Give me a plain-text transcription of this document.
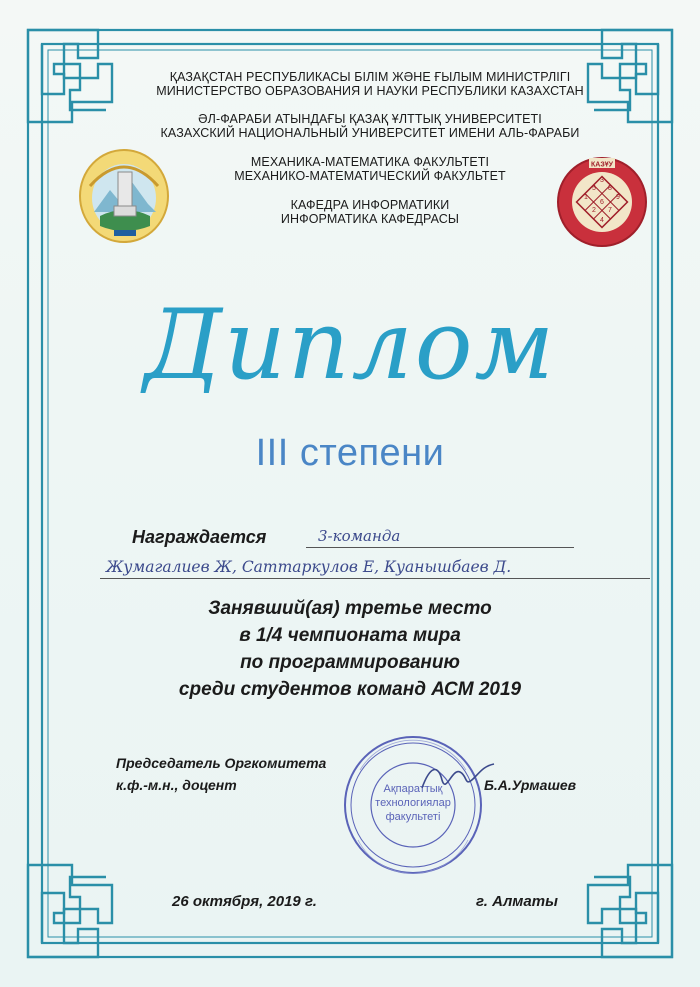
ҚАЗАҚСТАН РЕСПУБЛИКАСЫ БІЛІМ ЖӘНЕ ҒЫЛЫМ МИНИСТРЛІГІ
МИНИСТЕРСТВО ОБРАЗОВАНИЯ И НАУКИ РЕСПУБЛИКИ КАЗАХСТАН
ӘЛ-ФАРАБИ АТЫНДАҒЫ ҚАЗАҚ ҰЛТТЫҚ УНИВЕРСИТЕТІ
КАЗАХСКИЙ НАЦИОНАЛЬНЫЙ УНИВЕРСИТЕТ ИМЕНИ АЛЬ-ФАРАБИ
МЕХАНИКА-МАТЕМАТИКА ФАКУЛЬТЕТІ
МЕХАНИКО-МАТЕМАТИЧЕСКИЙ ФАКУЛЬТЕТ
КАФЕДРА ИНФОРМАТИКИ
ИНФОРМАТИКА КАФЕДРАСЫ
КАЗҰУ
3
5 8
1
6
9
2 7
4
Диплом
III степени
Награждается	3-команда
Жумагалиев Ж, Саттаркулов Е, Куанышбаев Д.
Занявший(ая) третье место
в 1/4 чемпионата мира
по программированию
среди студентов команд АСМ 2019
Ақпараттық
технологиялар
факультеті
Председатель Оргкомитета
к.ф.-м.н., доцент	Б.А.Урмашев
26 октября, 2019 г.	г. Алматы
